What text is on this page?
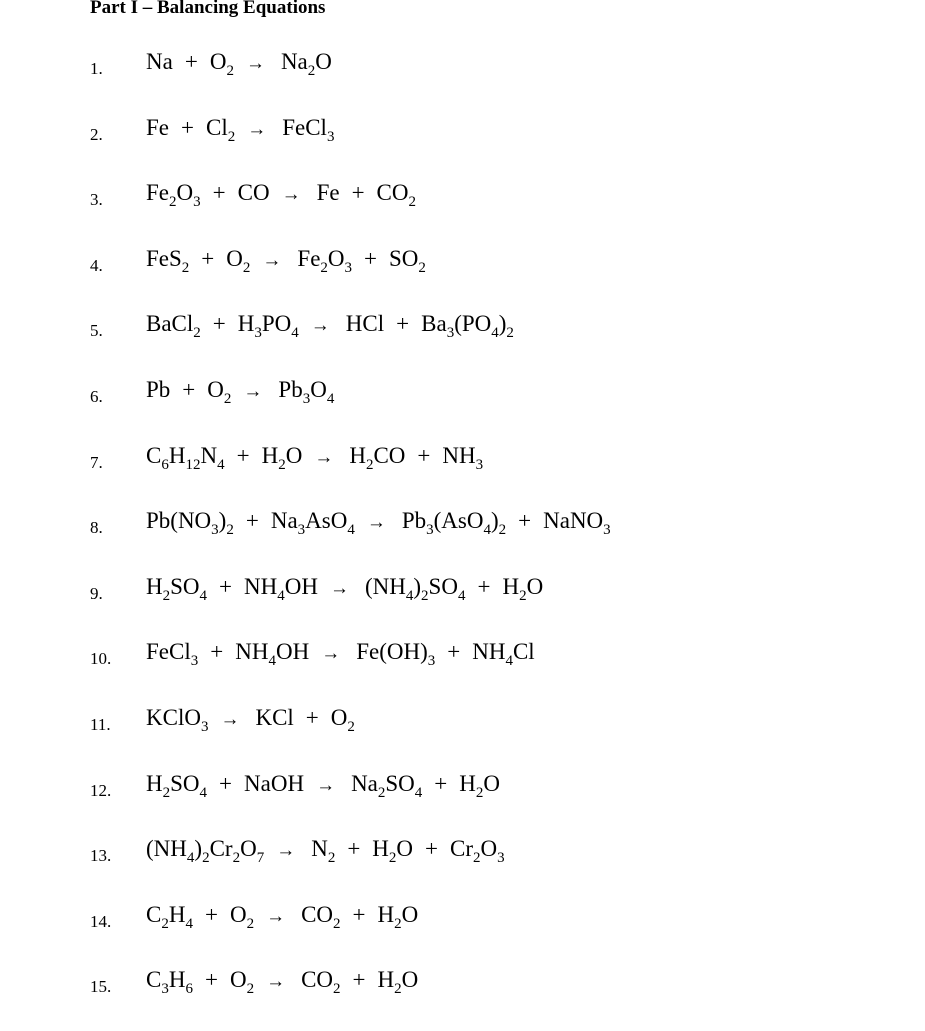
Part I – Balancing Equations
1. $Na + O_2 \to Na_2O$
2. $Fe + Cl_2$ → FeCl$_3$
3. $Fe_2O_3$ + CO → $Fe + CO_2$
4. $FeS_2 + O_2 \to Fe_2O_3 + SO_2$
5. BaCl$_2$ + $H_3PO_4$ → HCl + $Ba_3(PO_4)_2$
6. $Pb + O_2 \to Pb_3O_4$
7. $C_6H_{12}N_4 + H_2O \to H_2CO + NH_3$
8. $Pb(NO_3)_2 + Na_3AsO_4 \to Pb_3(AsO_4)_2$ + NaNO$_3$
9. $H_2SO_4 + NH_4OH \to (NH_4)_2SO_4 + H_2O$
10. FeCl$_3$ + $NH_4OH \to Fe(OH)_3 + NH_4Cl$
11. KClO$_3$ → KCl + $O_2$
12. $H_2SO_4$ + NaOH → $Na_2SO_4 + H_2O$
13. $(NH_4)_2Cr_2O_7 \to N_2 + H_2O + Cr_2O_3$
14. $C_2H_4 + O_2 \to CO_2 + H_2O$
15. $C_3H_6 + O_2 \to CO_2 + H_2O$
